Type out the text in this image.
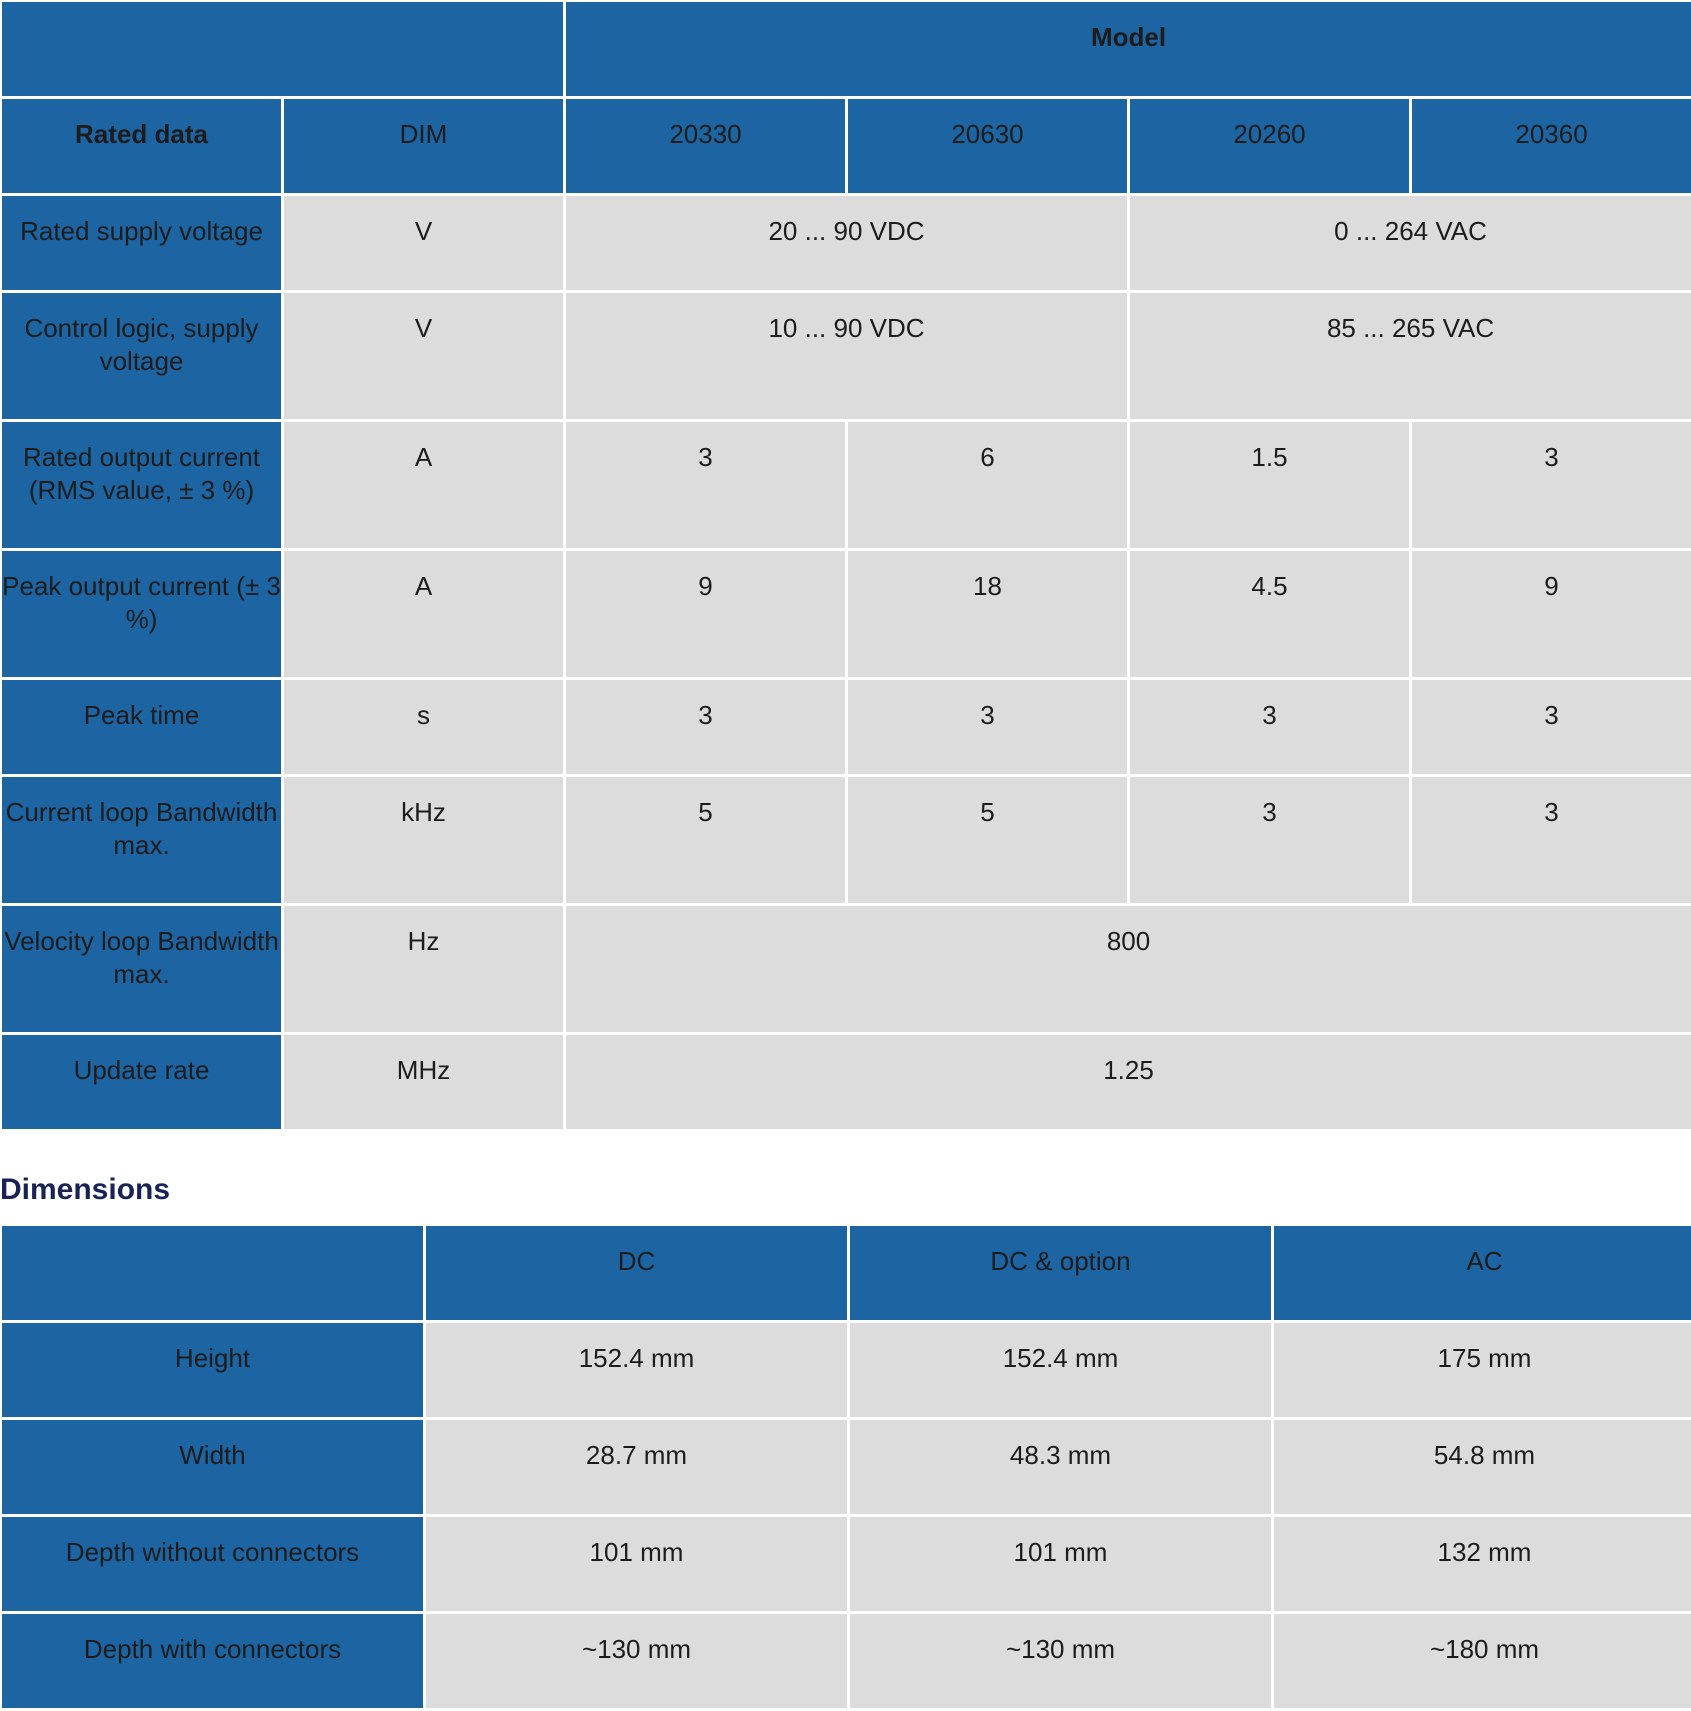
		Model			
Rated data	DIM	20330	20630	20260	20360
Rated supply voltage	V	20 ... 90 VDC		0 ... 264 VAC	
Control logic, supply voltage	V	10 ... 90 VDC		85 ... 265 VAC	
Rated output current (RMS value, ± 3 %)	A	3	6	1.5	3
Peak output current (± 3 %)	A	9	18	4.5	9
Peak time	s	3	3	3	3
Current loop Bandwidth max.	kHz	5	5	3	3
Velocity loop Bandwidth max.	Hz	800			
Update rate	MHz	1.25			
Dimensions
	DC	DC & option	AC
Height	152.4 mm	152.4 mm	175 mm
Width	28.7 mm	48.3 mm	54.8 mm
Depth without connectors	101 mm	101 mm	132 mm
Depth with connectors	~130 mm	~130 mm	~180 mm
